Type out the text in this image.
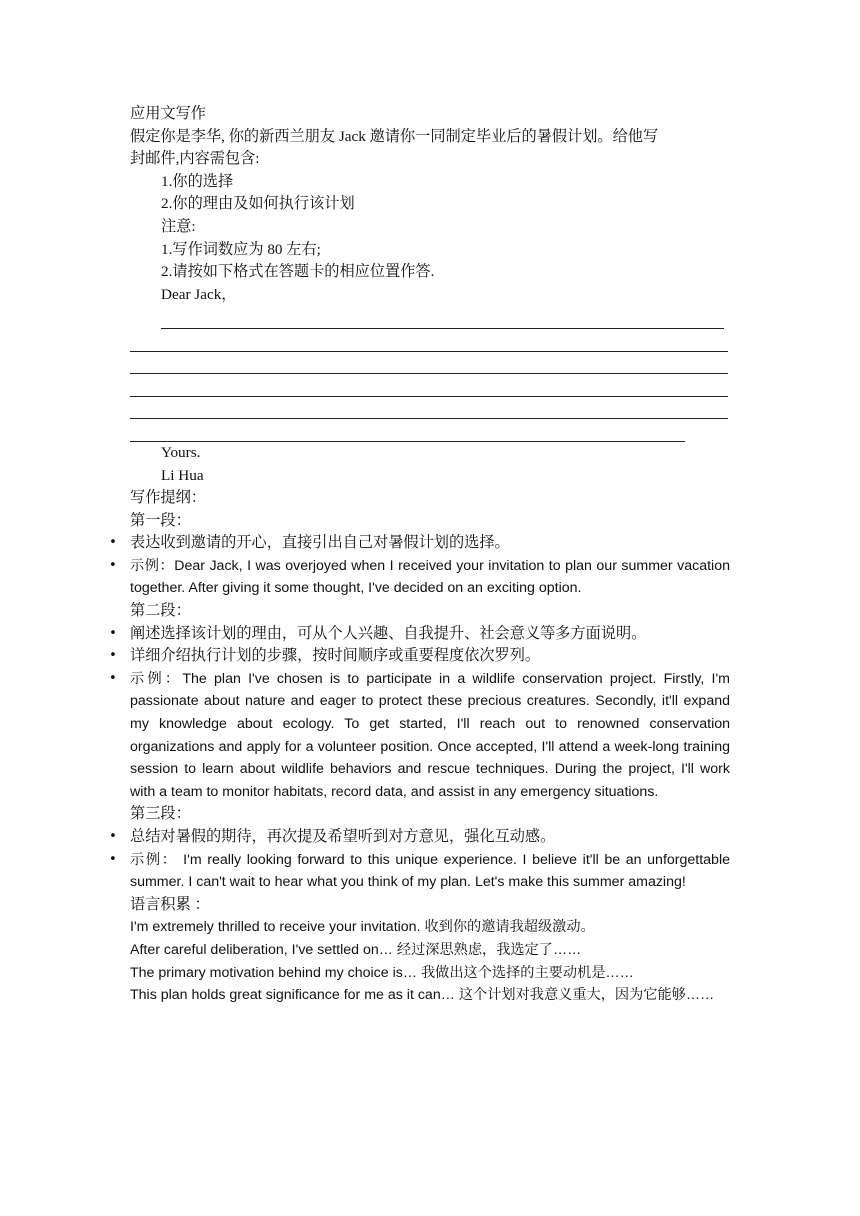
应用文写作
假定你是李华, 你的新西兰朋友 Jack 邀请你一同制定毕业后的暑假计划。给他写
封邮件,内容需包含:
1.你的选择
2.你的理由及如何执行该计划
注意:
1.写作词数应为 80 左右;
2.请按如下格式在答题卡的相应位置作答.
Dear Jack，
Yours.
Li Hua
写作提纲：
第一段：
• 表达收到邀请的开心，直接引出自己对暑假计划的选择。
• 示例：Dear Jack, I was overjoyed when I received your invitation to plan our summer vacation together. After giving it some thought, I've decided on an exciting option.
第二段：
• 阐述选择该计划的理由，可从个人兴趣、自我提升、社会意义等多方面说明。
• 详细介绍执行计划的步骤，按时间顺序或重要程度依次罗列。
• 示例：The plan I've chosen is to participate in a wildlife conservation project. Firstly, I'm passionate about nature and eager to protect these precious creatures. Secondly, it'll expand my knowledge about ecology. To get started, I'll reach out to renowned conservation organizations and apply for a volunteer position. Once accepted, I'll attend a week-long training session to learn about wildlife behaviors and rescue techniques. During the project, I'll work with a team to monitor habitats, record data, and assist in any emergency situations.
第三段：
• 总结对暑假的期待，再次提及希望听到对方意见，强化互动感。
• 示例： I'm really looking forward to this unique experience. I believe it'll be an unforgettable summer. I can't wait to hear what you think of my plan. Let's make this summer amazing!
语言积累 ：
I'm extremely thrilled to receive your invitation. 收到你的邀请我超级激动。
After careful deliberation, I've settled on… 经过深思熟虑，我选定了……
The primary motivation behind my choice is… 我做出这个选择的主要动机是……
This plan holds great significance for me as it can… 这个计划对我意义重大，因为它能够……
